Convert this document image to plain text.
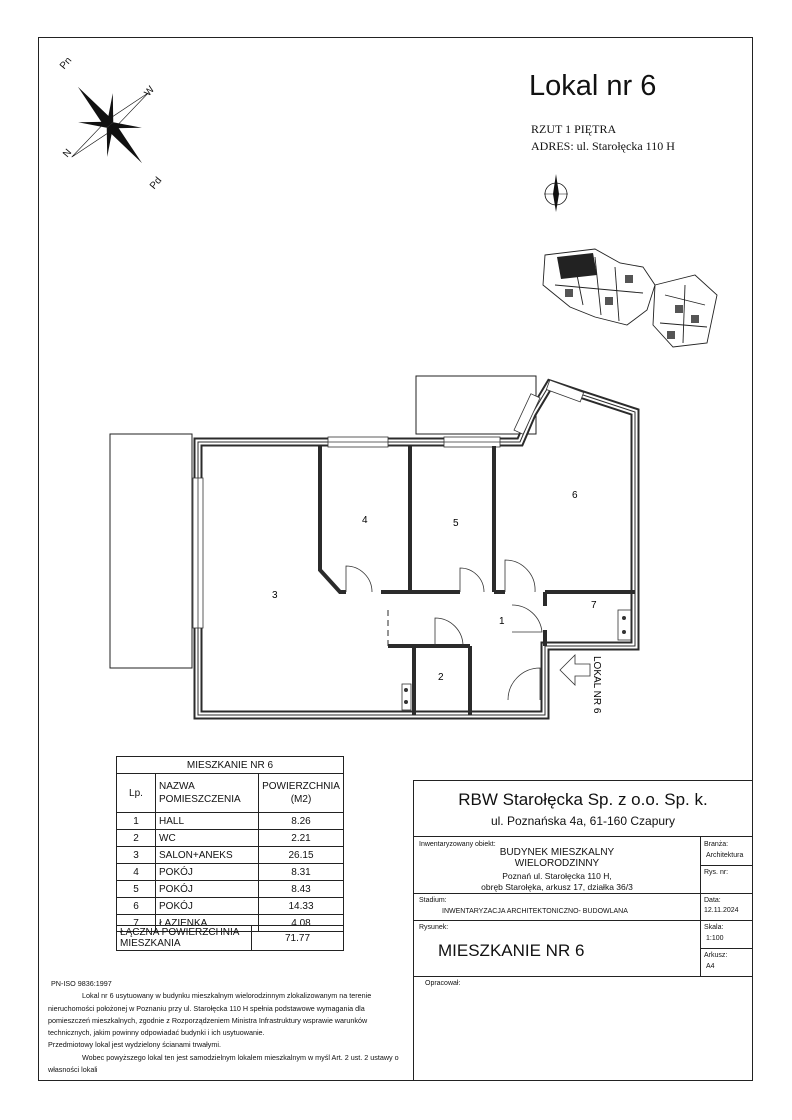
Pn
W
N
Pd
Lokal nr 6
RZUT 1 PIĘTRA
ADRES: ul. Starołęcka 110 H
3
4	5
6
1
7
2	LOKAL NR 6
MIESZKANIE NR 6		
Lp.	NAZWA POMIESZCZENIA	POWIERZCHNIA (M2)
1	HALL	8.26
2	WC	2.21
3	SALON+ANEKS	26.15
4	POKÓJ	8.31
5	POKÓJ	8.43
6	POKÓJ	14.33
7	ŁAZIENKA	4.08
ŁĄCZNA POWIERZCHNIA MIESZKANIA	71.77
RBW Starołęcka Sp. z o.o. Sp. k.
ul. Poznańska 4a, 61-160 Czapury
Branża:
Architektura
Rys. nr:
Data:
12.11.2024
Skala:
1:100
Arkusz:
A4
Inwentaryzowany obiekt:
BUDYNEK MIESZKALNY
WIELORODZINNY
Poznań ul. Starołęcka 110 H,
obręb Starołęka, arkusz 17, działka 36/3
Stadium:
INWENTARYZACJA ARCHITEKTONICZNO- BUDOWLANA
Rysunek:
MIESZKANIE NR 6
Opracował:

PN-ISO 9836:1997

Lokal nr 6 usytuowany w budynku mieszkalnym wielorodzinnym zlokalizowanym na terenie nieruchomości położonej w Poznaniu przy ul. Starołęcka 110 H spełnia podstawowe wymagania dla pomieszczeń mieszkalnych, zgodnie z Rozporządzeniem Ministra Infrastruktury wsprawie warunków technicznych, jakim powinny odpowiadać budynki i ich usytuowanie.

Przedmiotowy lokal jest wydzielony ścianami trwałymi.

Wobec powyższego lokal ten jest samodzielnym lokalem mieszkalnym w myśl Art. 2 ust. 2 ustawy o własności lokali
